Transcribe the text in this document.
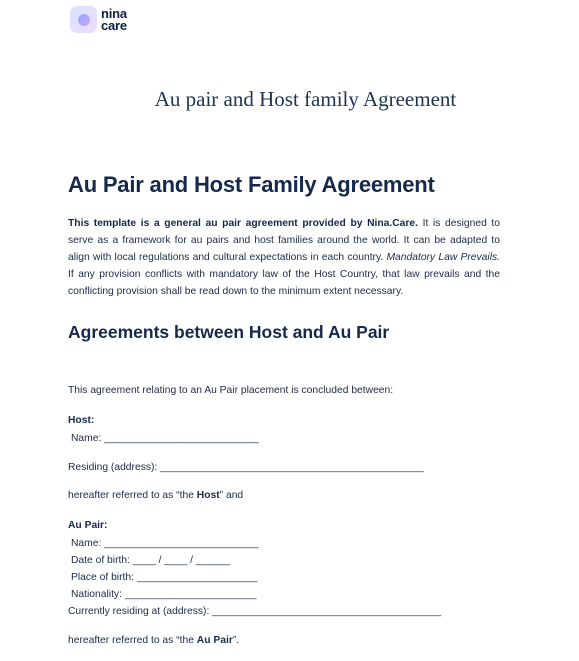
nina
care
Au pair and Host family Agreement
Au Pair and Host Family Agreement
This template is a general au pair agreement provided by Nina.Care. It is designed to serve as a framework for au pairs and host families around the world. It can be adapted to align with local regulations and cultural expectations in each country. Mandatory Law Prevails. If any provision conflicts with mandatory law of the Host Country, that law prevails and the conflicting provision shall be read down to the minimum extent necessary.
Agreements between Host and Au Pair
This agreement relating to an Au Pair placement is concluded between:
Host:
Name: ___________________________
Residing (address): ______________________________________________
hereafter referred to as “the Host” and
Au Pair:
Name: ___________________________
Date of birth: ____ / ____ / ______
Place of birth: _____________________
Nationality: _______________________
Currently residing at (address): ________________________________________
hereafter referred to as “the Au Pair”.
